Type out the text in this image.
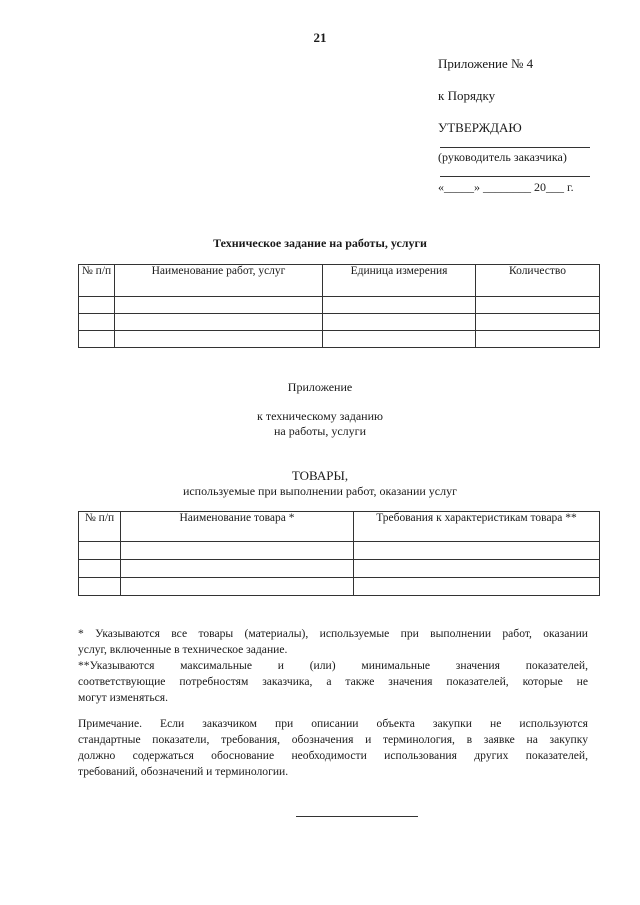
21
Приложение № 4
к Порядку
УТВЕРЖДАЮ
(руководитель заказчика)
«_____» ________ 20___ г.
Техническое задание на работы, услуги
№ п/п	Наименование работ, услуг	Единица измерения	Количество

Приложение
к техническому заданию
на работы, услуги
ТОВАРЫ,
используемые при выполнении работ, оказании услуг
№ п/п	Наименование товара *	Требования к характеристикам товара **

* Указываются все товары (материалы), используемые при выполнении работ, оказании

услуг, включенные в техническое задание.

**Указываются максимальные и (или) минимальные значения показателей,

соответствующие потребностям заказчика, а также значения показателей, которые не

могут изменяться.

Примечание. Если заказчиком при описании объекта закупки не используются

стандартные показатели, требования, обозначения и терминология, в заявке на закупку

должно содержаться обоснование необходимости использования других показателей,

требований, обозначений и терминологии.
